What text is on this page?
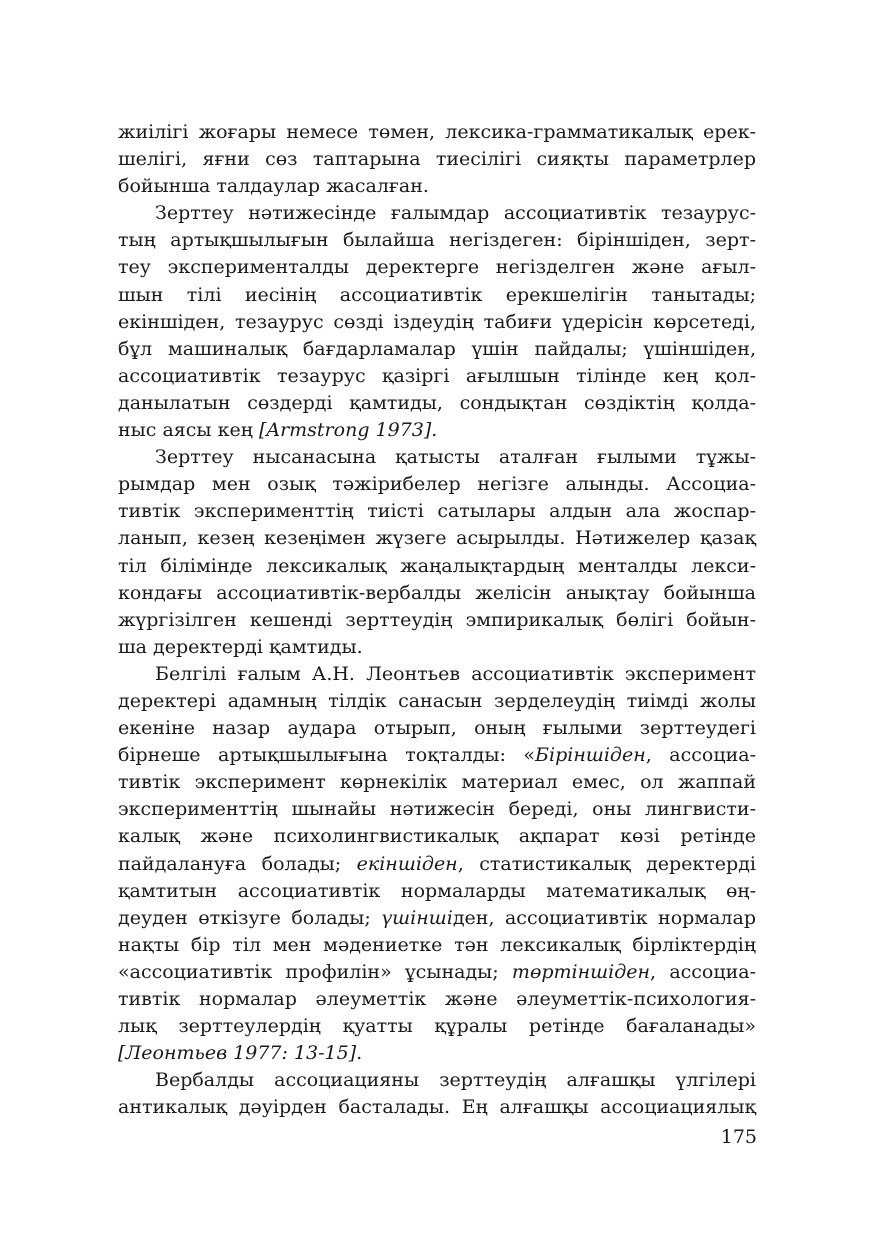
жиілігі жоғары немесе төмен, лексика-грамматикалық ерек-
шелігі, яғни сөз таптарына тиесілігі сияқты параметрлер
бойынша талдаулар жасалған.
Зерттеу нәтижесінде ғалымдар ассоциативтік тезаурус-
тың артықшылығын былайша негіздеген: біріншіден, зерт-
теу эксперименталды деректерге негізделген және ағыл-
шын тілі иесінің ассоциативтік ерекшелігін танытады;
екіншіден, тезаурус сөзді іздеудің табиғи үдерісін көрсетеді,
бұл машиналық бағдарламалар үшін пайдалы; үшіншіден,
ассоциативтік тезаурус қазіргі ағылшын тілінде кең қол-
данылатын сөздерді қамтиды, сондықтан сөздіктің қолда-
ныс аясы кең [Armstrong 1973].
Зерттеу нысанасына қатысты аталған ғылыми тұжы-
рымдар мен озық тәжірибелер негізге алынды. Ассоциа-
тивтік эксперименттің тиісті сатылары алдын ала жоспар-
ланып, кезең кезеңімен жүзеге асырылды. Нәтижелер қазақ
тіл білімінде лексикалық жаңалықтардың менталды лекси-
кондағы ассоциативтік-вербалды желісін анықтау бойынша
жүргізілген кешенді зерттеудің эмпирикалық бөлігі бойын-
ша деректерді қамтиды.
Белгілі ғалым А.Н. Леонтьев ассоциативтік эксперимент
деректері адамның тілдік санасын зерделеудің тиімді жолы
екеніне назар аудара отырып, оның ғылыми зерттеудегі
бірнеше артықшылығына тоқталды: «Біріншіден, ассоциа-
тивтік эксперимент көрнекілік материал емес, ол жаппай
эксперименттің шынайы нәтижесін береді, оны лингвисти-
калық және психолингвистикалық ақпарат көзі ретінде
пайдалануға болады; екіншіден, статистикалық деректерді
қамтитын ассоциативтік нормаларды математикалық өң-
деуден өткізуге болады; үшіншіден, ассоциативтік нормалар
нақты бір тіл мен мәдениетке тән лексикалық бірліктердің
«ассоциативтік профилін» ұсынады; төртіншіден, ассоциа-
тивтік нормалар әлеуметтік және әлеуметтік-психология-
лық зерттеулердің қуатты құралы ретінде бағаланады»
[Леонтьев 1977: 13-15].
Вербалды ассоциацияны зерттеудің алғашқы үлгілері
антикалық дәуірден басталады. Ең алғашқы ассоциациялық
175
